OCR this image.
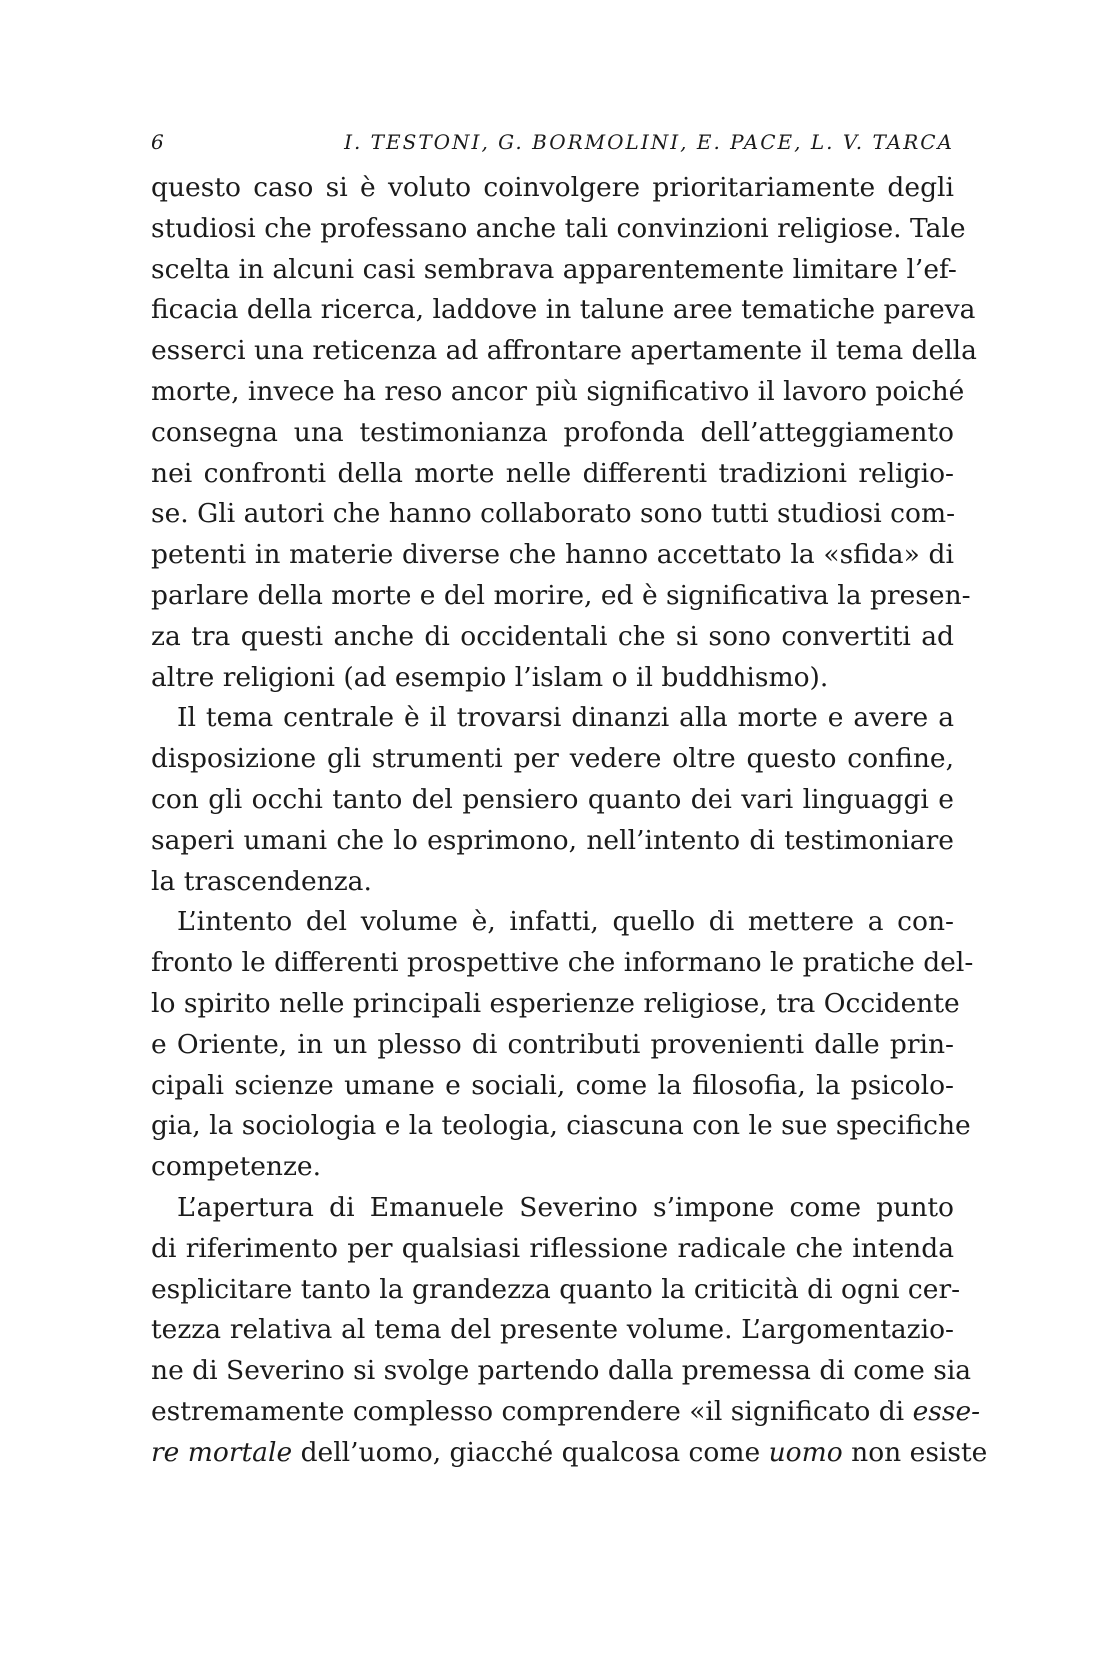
6	I. TESTONI, G. BORMOLINI, E. PACE, L. V. TARCA
questo caso si è voluto coinvolgere prioritariamente degli
studiosi che professano anche tali convinzioni religiose. Tale
scelta in alcuni casi sembrava apparentemente limitare l’ef-
ficacia della ricerca, laddove in talune aree tematiche pareva
esserci una reticenza ad affrontare apertamente il tema della
morte, invece ha reso ancor più significativo il lavoro poiché
consegna una testimonianza profonda dell’atteggiamento
nei confronti della morte nelle differenti tradizioni religio-
se. Gli autori che hanno collaborato sono tutti studiosi com-
petenti in materie diverse che hanno accettato la «sfida» di
parlare della morte e del morire, ed è significativa la presen-
za tra questi anche di occidentali che si sono convertiti ad
altre religioni (ad esempio l’islam o il buddhismo).
Il tema centrale è il trovarsi dinanzi alla morte e avere a
disposizione gli strumenti per vedere oltre questo confine,
con gli occhi tanto del pensiero quanto dei vari linguaggi e
saperi umani che lo esprimono, nell’intento di testimoniare
la trascendenza.
L’intento del volume è, infatti, quello di mettere a con-
fronto le differenti prospettive che informano le pratiche del-
lo spirito nelle principali esperienze religiose, tra Occidente
e Oriente, in un plesso di contributi provenienti dalle prin-
cipali scienze umane e sociali, come la filosofia, la psicolo-
gia, la sociologia e la teologia, ciascuna con le sue specifiche
competenze.
L’apertura di Emanuele Severino s’impone come punto
di riferimento per qualsiasi riflessione radicale che intenda
esplicitare tanto la grandezza quanto la criticità di ogni cer-
tezza relativa al tema del presente volume. L’argomentazio-
ne di Severino si svolge partendo dalla premessa di come sia
estremamente complesso comprendere «il significato di esse-
re mortale dell’uomo, giacché qualcosa come uomo non esiste
